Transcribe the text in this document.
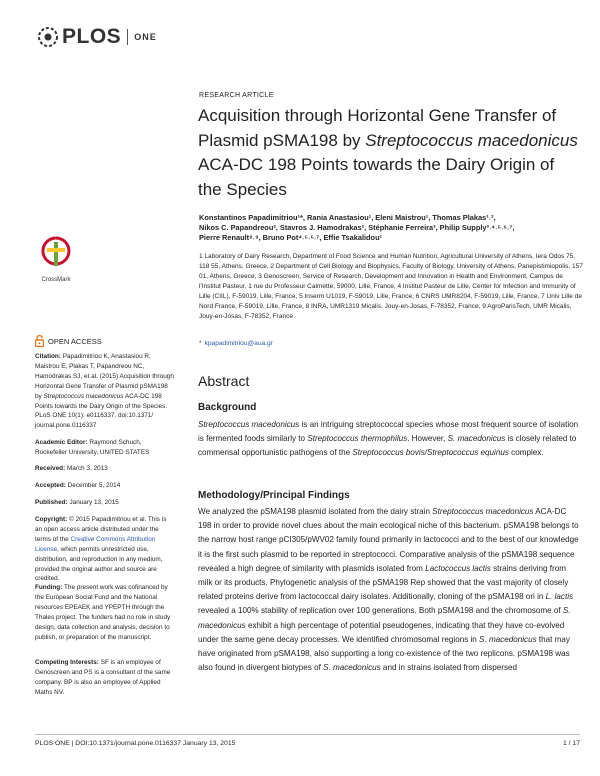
PLOS ONE
CrossMark
OPEN ACCESS
Citation: Papadimitriou K, Anastasiou R, Maistrou E, Plakas T, Papandreou NC, Hamodrakas SJ, et al. (2015) Acquisition through Horizontal Gene Transfer of Plasmid pSMA198 by Streptococcus macedonicus ACA-DC 198 Points towards the Dairy Origin of the Species. PLoS ONE 10(1): e0116337. doi:10.1371/ journal.pone.0116337
Academic Editor: Raymond Schuch, Rockefeller University, UNITED STATES
Received: March 3, 2013
Accepted: December 5, 2014
Published: January 13, 2015
Copyright: © 2015 Papadimitriou et al. This is an open access article distributed under the terms of the Creative Commons Attribution License, which permits unrestricted use, distribution, and reproduction in any medium, provided the original author and source are credited.
Funding: The present work was cofinanced by the European Social Fund and the National resources EPEAEK and YPEPTH through the Thales project. The funders had no role in study design, data collection and analysis, decision to publish, or preparation of the manuscript.
Competing Interests: SF is an employee of Genoscreen and PS is a consultant of the same company. BP is also an employee of Applied Maths NV.
RESEARCH ARTICLE
Acquisition through Horizontal Gene Transfer of Plasmid pSMA198 by Streptococcus macedonicus ACA-DC 198 Points towards the Dairy Origin of the Species
Konstantinos Papadimitriou¹*, Rania Anastasiou¹, Eleni Maistrou¹, Thomas Plakas¹˒²,
Nikos C. Papandreou², Stavros J. Hamodrakas², Stéphanie Ferreira³, Philip Supply³˒⁴˒⁵˒⁶˒⁷,
Pierre Renault⁸˒⁹, Bruno Pot⁴˒⁵˒⁶˒⁷, Effie Tsakalidou¹
1 Laboratory of Dairy Research, Department of Food Science and Human Nutrition, Agricultural University of Athens, Iera Odos 75, 118 55, Athens, Greece, 2 Department of Cell Biology and Biophysics, Faculty of Biology, University of Athens, Panepistimiopolis, 157 01, Athens, Greece, 3 Genoscreen, Service of Research, Development and Innovation in Health and Environment, Campus de l'Institut Pasteur, 1 rue du Professeur Calmette, 59000, Lille, France, 4 Institut Pasteur de Lille, Center for Infection and Immunity of Lille (CIIL), F-59019, Lille, France, 5 Inserm U1019, F-59019, Lille, France, 6 CNRS UMR8204, F-59019, Lille, France, 7 Univ Lille de Nord France, F-59019, Lille, France, 8 INRA, UMR1319 Micalis, Jouy-en-Josas, F-78352, France, 9 AgroParisTech, UMR Micalis, Jouy-en-Josas, F-78352, France
* kpapadimitriou@aua.gr
Abstract
Background
Streptococcus macedonicus is an intriguing streptococcal species whose most frequent source of isolation is fermented foods similarly to Streptococcus thermophilus. However, S. macedonicus is closely related to commensal opportunistic pathogens of the Streptococcus bovis/Streptococcus equinus complex.
Methodology/Principal Findings
We analyzed the pSMA198 plasmid isolated from the dairy strain Streptococcus macedonicus ACA-DC 198 in order to provide novel clues about the main ecological niche of this bacterium. pSMA198 belongs to the narrow host range pCI305/pWV02 family found primarily in lactococci and to the best of our knowledge it is the first such plasmid to be reported in streptococci. Comparative analysis of the pSMA198 sequence revealed a high degree of similarity with plasmids isolated from Lactococcus lactis strains deriving from milk or its products. Phylogenetic analysis of the pSMA198 Rep showed that the vast majority of closely related proteins derive from lactococcal dairy isolates. Additionally, cloning of the pSMA198 ori in L. lactis revealed a 100% stability of replication over 100 generations. Both pSMA198 and the chromosome of S. macedonicus exhibit a high percentage of potential pseudogenes, indicating that they have co-evolved under the same gene decay processes. We identified chromosomal regions in S. macedonicus that may have originated from pSMA198, also supporting a long co-existence of the two replicons. pSMA198 was also found in divergent biotypes of S. macedonicus and in strains isolated from dispersed
PLOS ONE | DOI:10.1371/journal.pone.0116337 January 13, 2015	1 / 17
